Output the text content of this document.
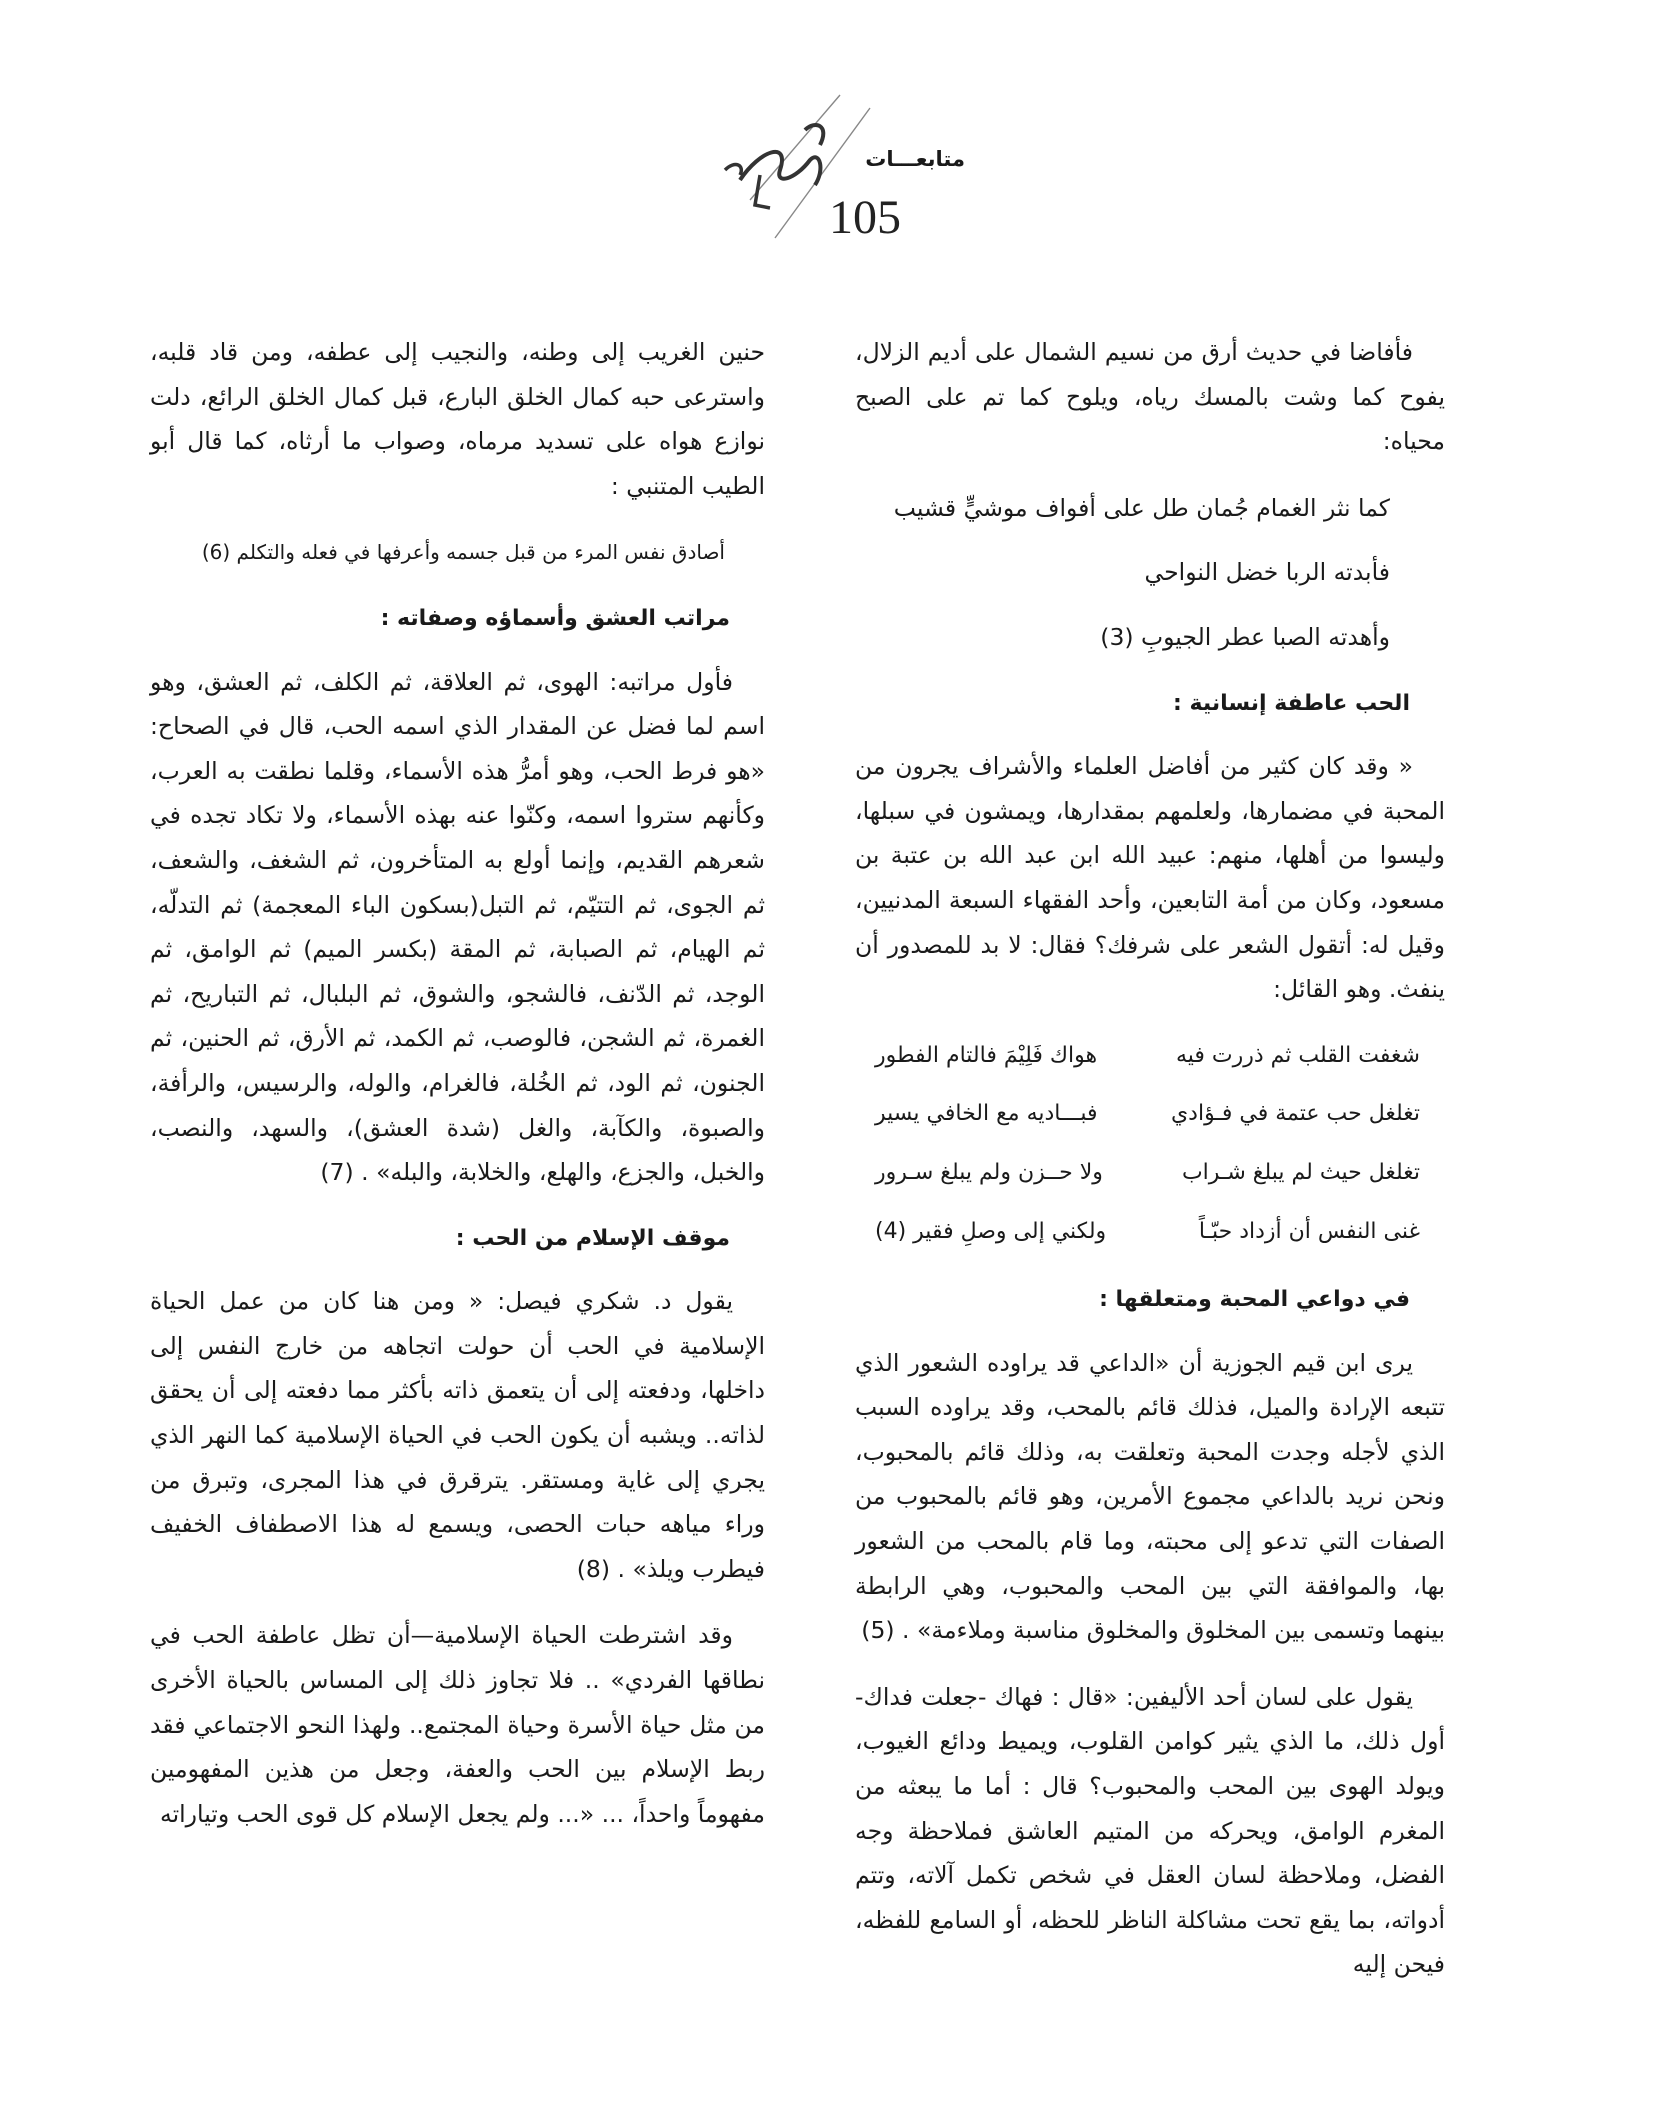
متابعـــات
105

فأفاضا في حديث أرق من نسيم الشمال على أديم الزلال، يفوح كما وشت بالمسك رياه، ويلوح كما تم على الصبح محياه:

كما نثر الغمام جُمان طل على أفواف موشيٍّ قشيب
فأبدته الربا خضل النواحي
وأهدته الصبا عطر الجيوبِ (3)
الحب عاطفة إنسانية :

« وقد كان كثير من أفاضل العلماء والأشراف يجرون من المحبة في مضمارها، ولعلمهم بمقدارها، ويمشون في سبلها، وليسوا من أهلها، منهم: عبيد الله ابن عبد الله بن عتبة بن مسعود، وكان من أمة التابعين، وأحد الفقهاء السبعة المدنيين، وقيل له: أتقول الشعر على شرفك؟ فقال: لا بد للمصدور أن ينفث. وهو القائل:

شغفت القلب ثم ذررت فيه
هواك فَلِيْمَ فالتام الفطور
تغلغل حب عتمة في فـؤادي
فبـــاديه مع الخافي يسير
تغلغل حيث لم يبلغ شـراب
ولا حــزن ولم يبلغ سـرور
غنى النفس أن أزداد حبّـاً
ولكني إلى وصلِ فقير (4)
في دواعي المحبة ومتعلقها :

يرى ابن قيم الجوزية أن «الداعي قد يراوده الشعور الذي تتبعه الإرادة والميل، فذلك قائم بالمحب، وقد يراوده السبب الذي لأجله وجدت المحبة وتعلقت به، وذلك قائم بالمحبوب، ونحن نريد بالداعي مجموع الأمرين، وهو قائم بالمحبوب من الصفات التي تدعو إلى محبته، وما قام بالمحب من الشعور بها، والموافقة التي بين المحب والمحبوب، وهي الرابطة بينهما وتسمى بين المخلوق والمخلوق مناسبة وملاءمة» . (5)

يقول على لسان أحد الأليفين: «قال : فهاك -جعلت فداك- أول ذلك، ما الذي يثير كوامن القلوب، ويميط ودائع الغيوب، ويولد الهوى بين المحب والمحبوب؟ قال : أما ما يبعثه من المغرم الوامق، ويحركه من المتيم العاشق فملاحظة وجه الفضل، وملاحظة لسان العقل في شخص تكمل آلاته، وتتم أدواته، بما يقع تحت مشاكلة الناظر للحظه، أو السامع للفظه، فيحن إليه

حنين الغريب إلى وطنه، والنجيب إلى عطفه، ومن قاد قلبه، واسترعى حبه كمال الخلق البارع، قبل كمال الخلق الرائع، دلت نوازع هواه على تسديد مرماه، وصواب ما أرثاه، كما قال أبو الطيب المتنبي :

أصادق نفس المرء من قبل جسمه وأعرفها في فعله والتكلم (6)
مراتب العشق وأسماؤه وصفاته :

فأول مراتبه: الهوى، ثم العلاقة، ثم الكلف، ثم العشق، وهو اسم لما فضل عن المقدار الذي اسمه الحب، قال في الصحاح: «هو فرط الحب، وهو أمرُّ هذه الأسماء، وقلما نطقت به العرب، وكأنهم ستروا اسمه، وكنّوا عنه بهذه الأسماء، ولا تكاد تجده في شعرهم القديم، وإنما أولع به المتأخرون، ثم الشغف، والشعف، ثم الجوى، ثم التتيّم، ثم التبل(بسكون الباء المعجمة) ثم التدلّه، ثم الهيام، ثم الصبابة، ثم المقة (بكسر الميم) ثم الوامق، ثم الوجد، ثم الدّنف، فالشجو، والشوق، ثم البلبال، ثم التباريح، ثم الغمرة، ثم الشجن، فالوصب، ثم الكمد، ثم الأرق، ثم الحنين، ثم الجنون، ثم الود، ثم الخُلة، فالغرام، والوله، والرسيس، والرأفة، والصبوة، والكآبة، والغل (شدة العشق)، والسهد، والنصب، والخبل، والجزع، والهلع، والخلابة، والبله» . (7)

موقف الإسلام من الحب :

يقول د. شكري فيصل: « ومن هنا كان من عمل الحياة الإسلامية في الحب أن حولت اتجاهه من خارج النفس إلى داخلها، ودفعته إلى أن يتعمق ذاته بأكثر مما دفعته إلى أن يحقق لذاته.. ويشبه أن يكون الحب في الحياة الإسلامية كما النهر الذي يجري إلى غاية ومستقر. يترقرق في هذا المجرى، وتبرق من وراء مياهه حبات الحصى، ويسمع له هذا الاصطفاف الخفيف فيطرب ويلذ» . (8)

وقد اشترطت الحياة الإسلامية—أن تظل عاطفة الحب في نطاقها الفردي» .. فلا تجاوز ذلك إلى المساس بالحياة الأخرى من مثل حياة الأسرة وحياة المجتمع.. ولهذا النحو الاجتماعي فقد ربط الإسلام بين الحب والعفة، وجعل من هذين المفهومين مفهوماً واحداً، ... «... ولم يجعل الإسلام كل قوى الحب وتياراته
